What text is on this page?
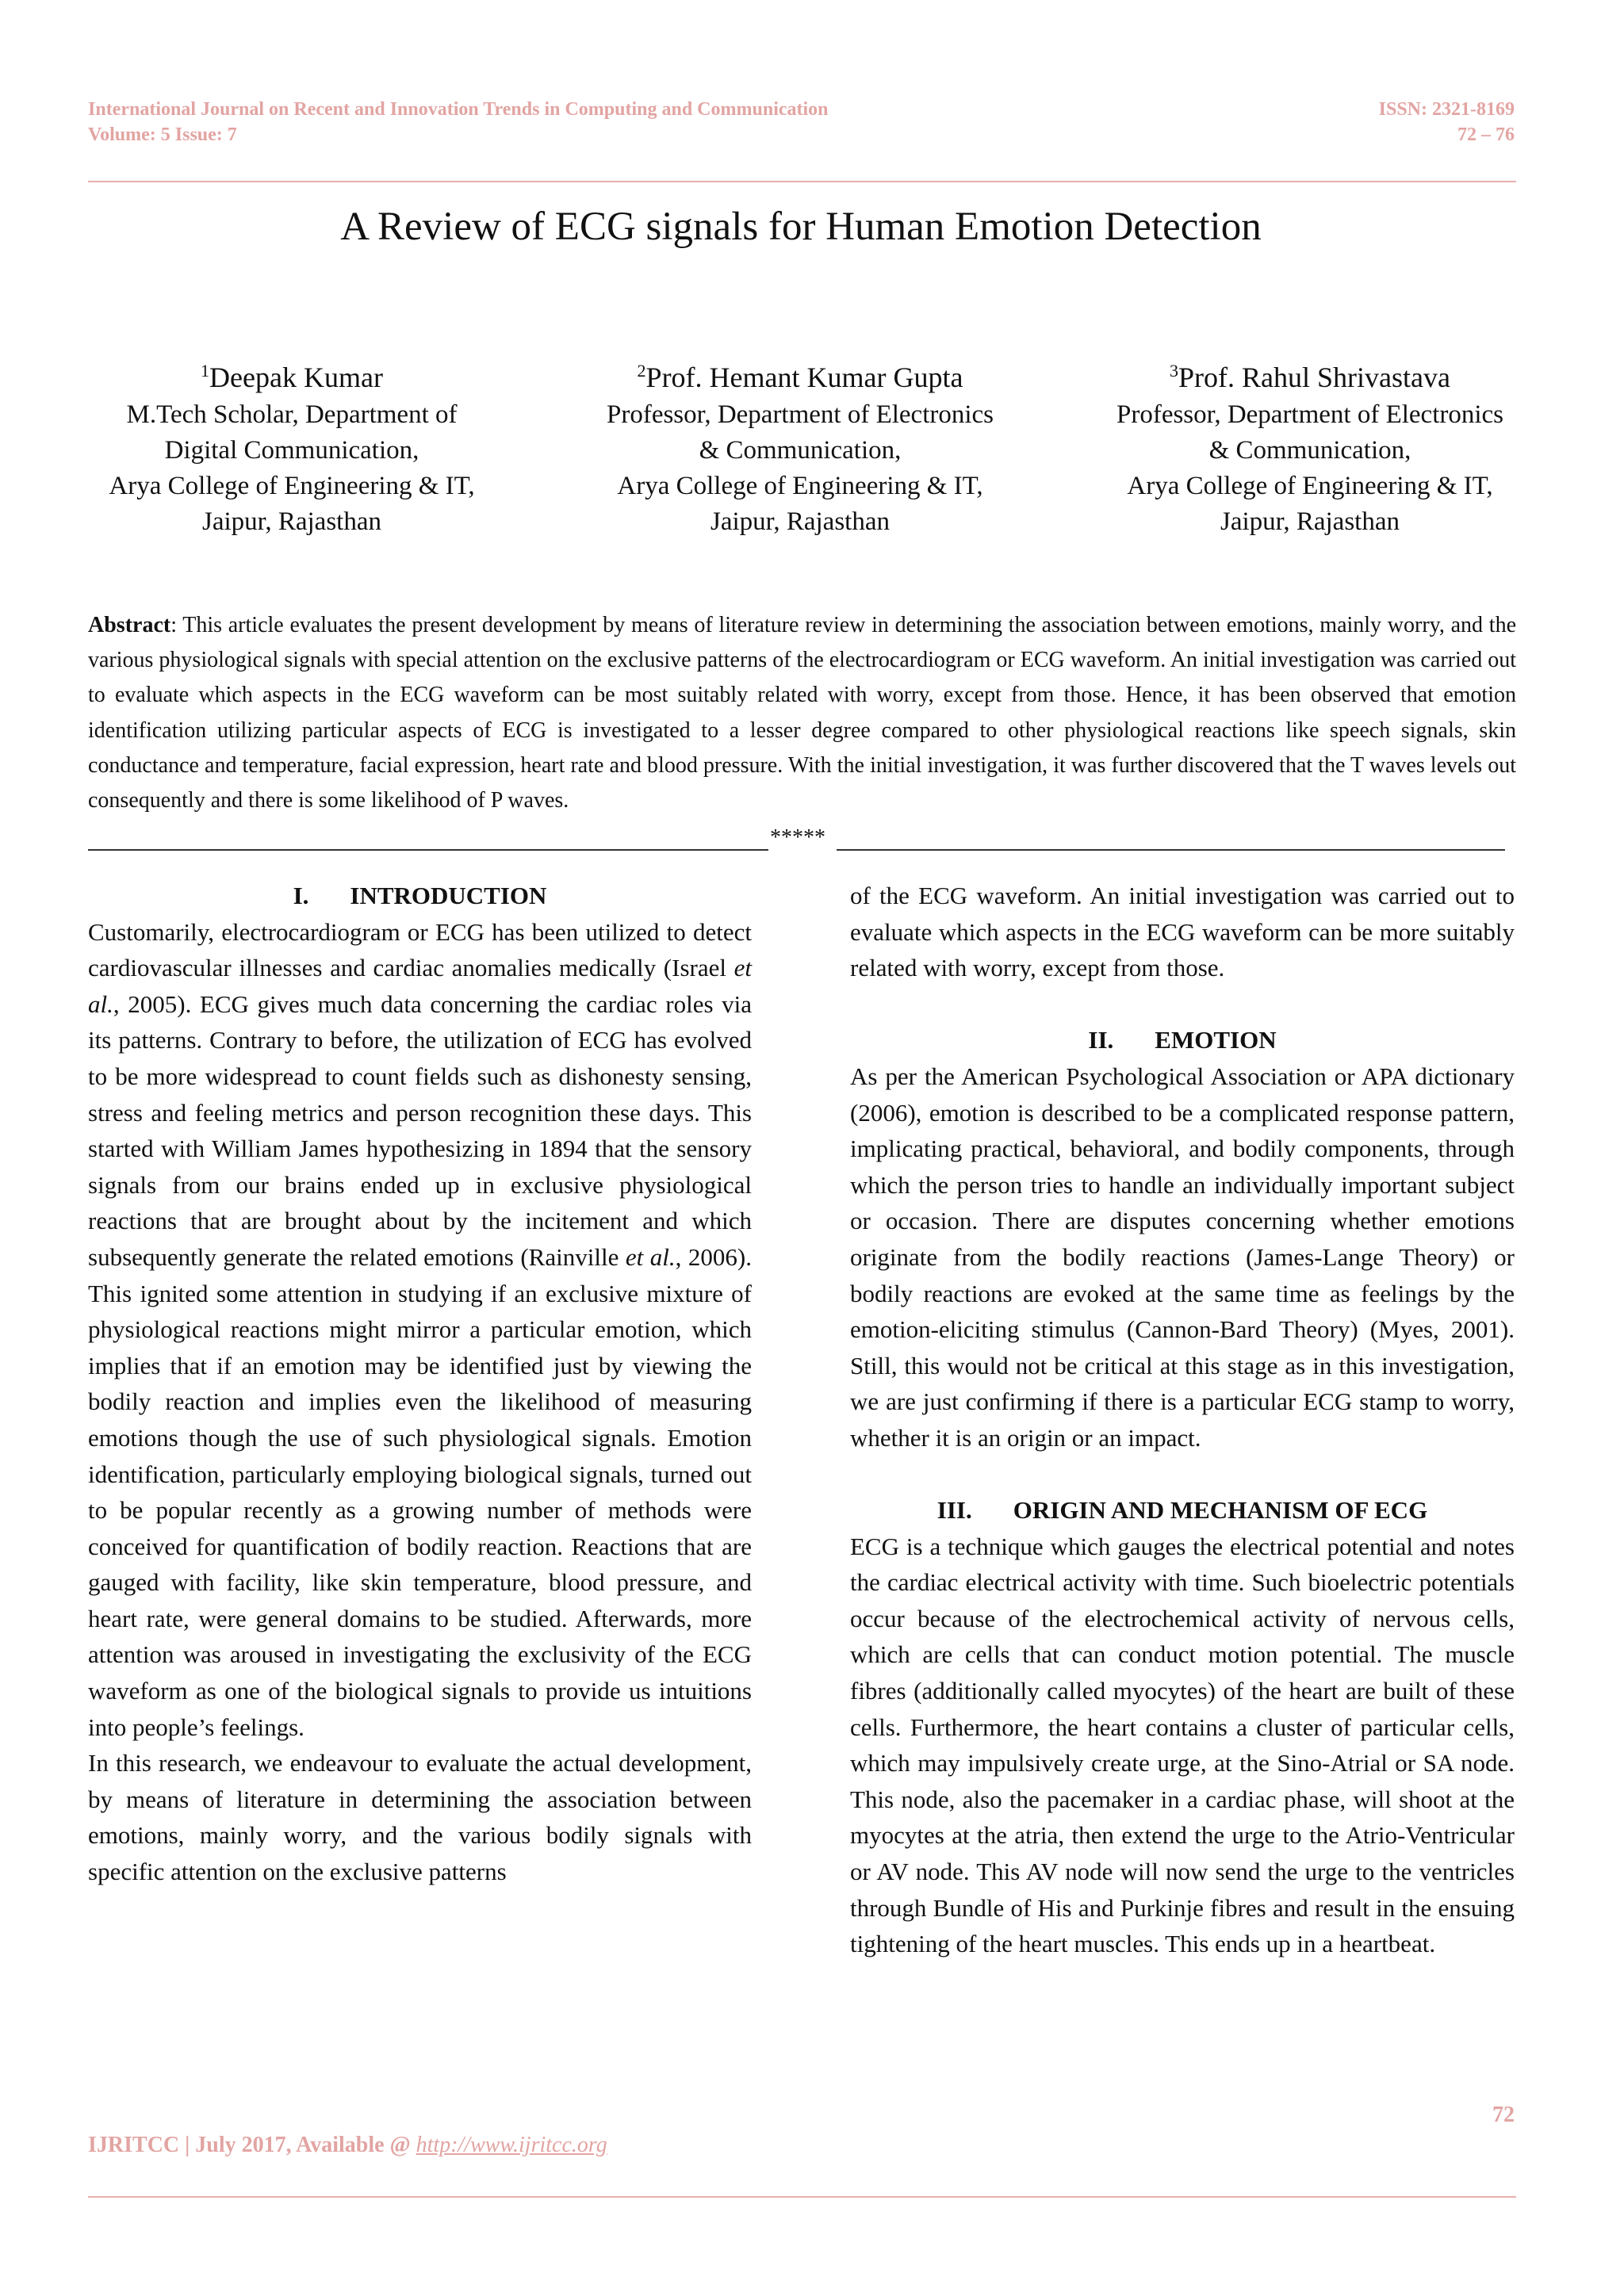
International Journal on Recent and Innovation Trends in Computing and Communication
Volume: 5 Issue: 7
ISSN: 2321-8169
72 – 76
A Review of ECG signals for Human Emotion Detection
$^1$Deepak Kumar
M.Tech Scholar, Department of
Digital Communication,
Arya College of Engineering & IT,
Jaipur, Rajasthan
$^2$Prof. Hemant Kumar Gupta
Professor, Department of Electronics
& Communication,
Arya College of Engineering & IT,
Jaipur, Rajasthan
$^3$Prof. Rahul Shrivastava
Professor, Department of Electronics
& Communication,
Arya College of Engineering & IT,
Jaipur, Rajasthan
Abstract: This article evaluates the present development by means of literature review in determining the association between emotions, mainly worry, and the various physiological signals with special attention on the exclusive patterns of the electrocardiogram or ECG waveform. An initial investigation was carried out to evaluate which aspects in the ECG waveform can be most suitably related with worry, except from those. Hence, it has been observed that emotion identification utilizing particular aspects of ECG is investigated to a lesser degree compared to other physiological reactions like speech signals, skin conductance and temperature, facial expression, heart rate and blood pressure. With the initial investigation, it was further discovered that the T waves levels out consequently and there is some likelihood of P waves.
*****
I. INTRODUCTION

Customarily, electrocardiogram or ECG has been utilized to detect cardiovascular illnesses and cardiac anomalies medically (Israel et al., 2005). ECG gives much data concerning the cardiac roles via its patterns. Contrary to before, the utilization of ECG has evolved to be more widespread to count fields such as dishonesty sensing, stress and feeling metrics and person recognition these days. This started with William James hypothesizing in 1894 that the sensory signals from our brains ended up in exclusive physiological reactions that are brought about by the incitement and which subsequently generate the related emotions (Rainville et al., 2006). This ignited some attention in studying if an exclusive mixture of physiological reactions might mirror a particular emotion, which implies that if an emotion may be identified just by viewing the bodily reaction and implies even the likelihood of measuring emotions though the use of such physiological signals. Emotion identification, particularly employing biological signals, turned out to be popular recently as a growing number of methods were conceived for quantification of bodily reaction. Reactions that are gauged with facility, like skin temperature, blood pressure, and heart rate, were general domains to be studied. Afterwards, more attention was aroused in investigating the exclusivity of the ECG waveform as one of the biological signals to provide us intuitions into people’s feelings.

In this research, we endeavour to evaluate the actual development, by means of literature in determining the association between emotions, mainly worry, and the various bodily signals with specific attention on the exclusive patterns

of the ECG waveform. An initial investigation was carried out to evaluate which aspects in the ECG waveform can be more suitably related with worry, except from those.

II. EMOTION

As per the American Psychological Association or APA dictionary (2006), emotion is described to be a complicated response pattern, implicating practical, behavioral, and bodily components, through which the person tries to handle an individually important subject or occasion. There are disputes concerning whether emotions originate from the bodily reactions (James-Lange Theory) or bodily reactions are evoked at the same time as feelings by the emotion-eliciting stimulus (Cannon-Bard Theory) (Myes, 2001). Still, this would not be critical at this stage as in this investigation, we are just confirming if there is a particular ECG stamp to worry, whether it is an origin or an impact.

III. ORIGIN AND MECHANISM OF ECG

ECG is a technique which gauges the electrical potential and notes the cardiac electrical activity with time. Such bioelectric potentials occur because of the electrochemical activity of nervous cells, which are cells that can conduct motion potential. The muscle fibres (additionally called myocytes) of the heart are built of these cells. Furthermore, the heart contains a cluster of particular cells, which may impulsively create urge, at the Sino-Atrial or SA node. This node, also the pacemaker in a cardiac phase, will shoot at the myocytes at the atria, then extend the urge to the Atrio-Ventricular or AV node. This AV node will now send the urge to the ventricles through Bundle of His and Purkinje fibres and result in the ensuing tightening of the heart muscles. This ends up in a heartbeat.

72
IJRITCC | July 2017, Available @ http://www.ijritcc.org
